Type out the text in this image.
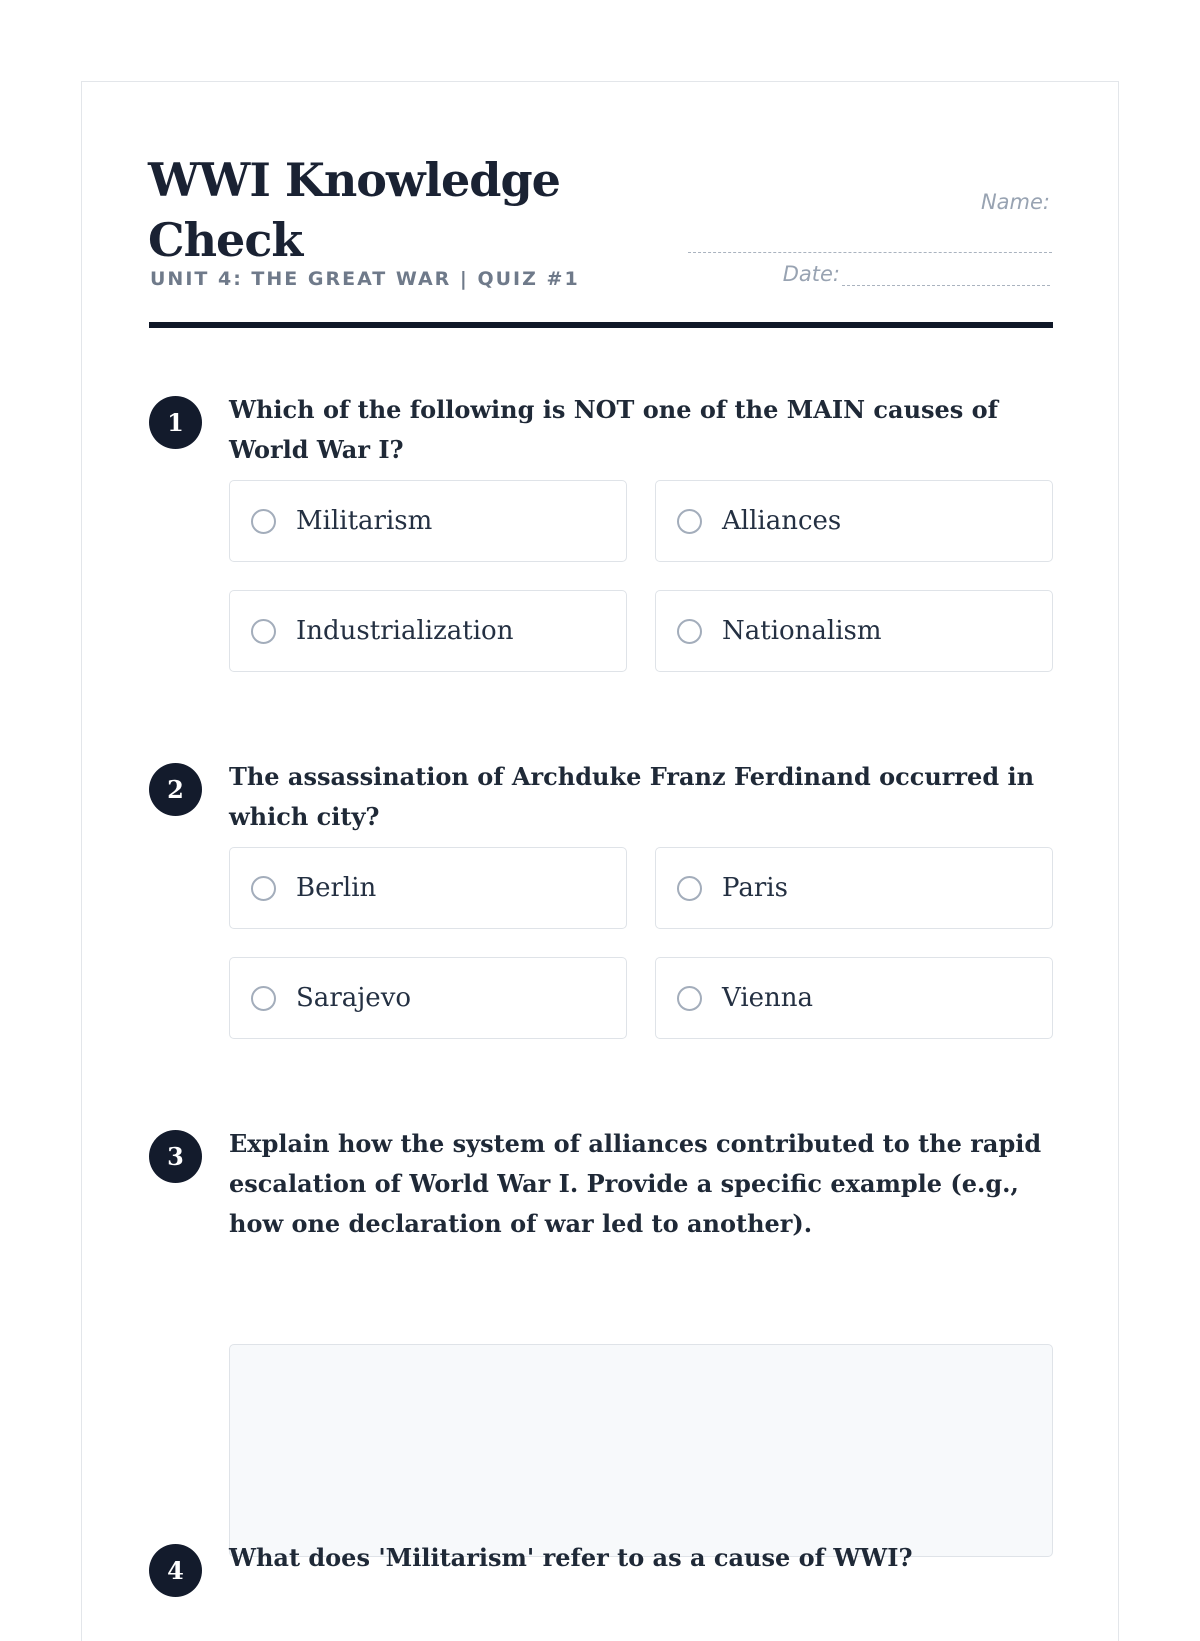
WWI Knowledge Check
UNIT 4: THE GREAT WAR | QUIZ #1
Name:
Date:
1	Which of the following is NOT one of the MAIN causes of World War I?

Militarism	Alliances
Industrialization	Nationalism
2	The assassination of Archduke Franz Ferdinand occurred in which city?

Berlin	Paris
Sarajevo	Vienna
3	Explain how the system of alliances contributed to the rapid escalation of World War I. Provide a specific example (e.g., how one declaration of war led to another).

4	What does 'Militarism' refer to as a cause of WWI?
